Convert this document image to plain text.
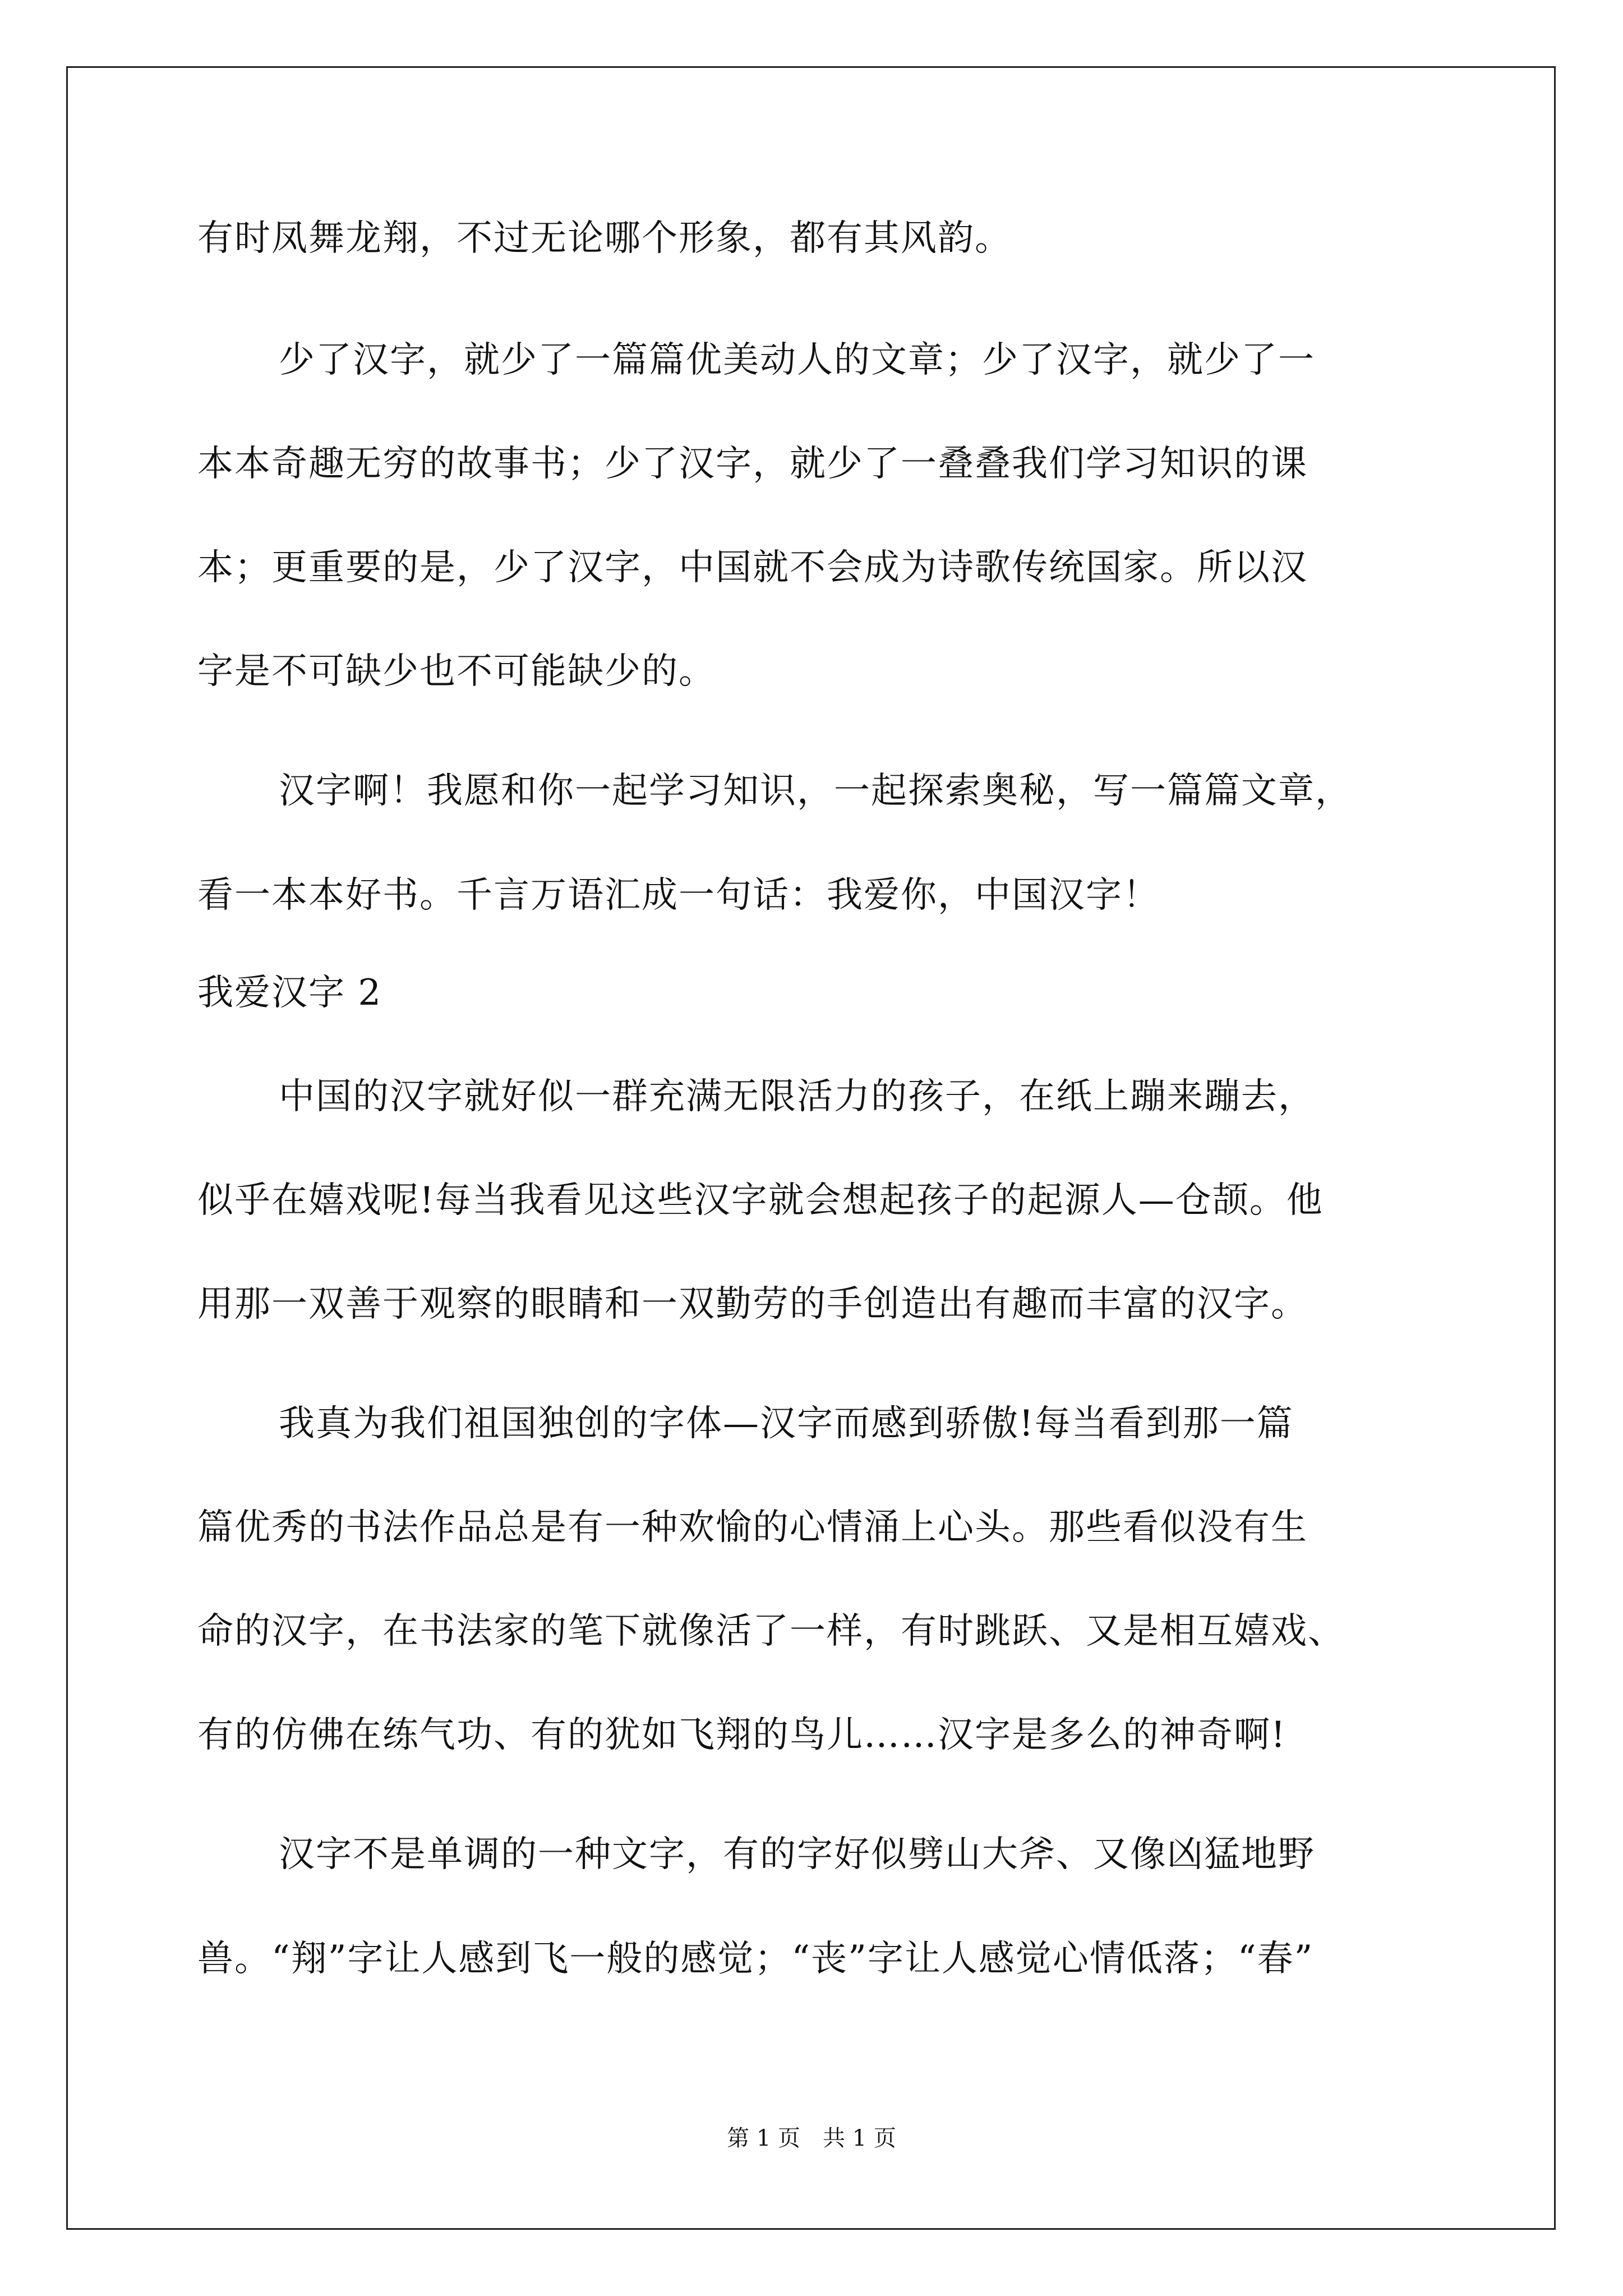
有时凤舞龙翔，不过无论哪个形象，都有其风韵。
少了汉字，就少了一篇篇优美动人的文章；少了汉字，就少了一
本本奇趣无穷的故事书；少了汉字，就少了一叠叠我们学习知识的课
本；更重要的是，少了汉字，中国就不会成为诗歌传统国家。所以汉
字是不可缺少也不可能缺少的。
汉字啊！我愿和你一起学习知识，一起探索奥秘，写一篇篇文章，
看一本本好书。千言万语汇成一句话：我爱你，中国汉字！
我爱汉字 2
中国的汉字就好似一群充满无限活力的孩子，在纸上蹦来蹦去，
似乎在嬉戏呢!每当我看见这些汉字就会想起孩子的起源人—仓颉。他
用那一双善于观察的眼睛和一双勤劳的手创造出有趣而丰富的汉字。
我真为我们祖国独创的字体—汉字而感到骄傲!每当看到那一篇
篇优秀的书法作品总是有一种欢愉的心情涌上心头。那些看似没有生
命的汉字，在书法家的笔下就像活了一样，有时跳跃、又是相互嬉戏、
有的仿佛在练气功、有的犹如飞翔的鸟儿……汉字是多么的神奇啊!
汉字不是单调的一种文字，有的字好似劈山大斧、又像凶猛地野
兽。“翔”字让人感到飞一般的感觉；“丧”字让人感觉心情低落；“春”
第 1 页　共 1 页
